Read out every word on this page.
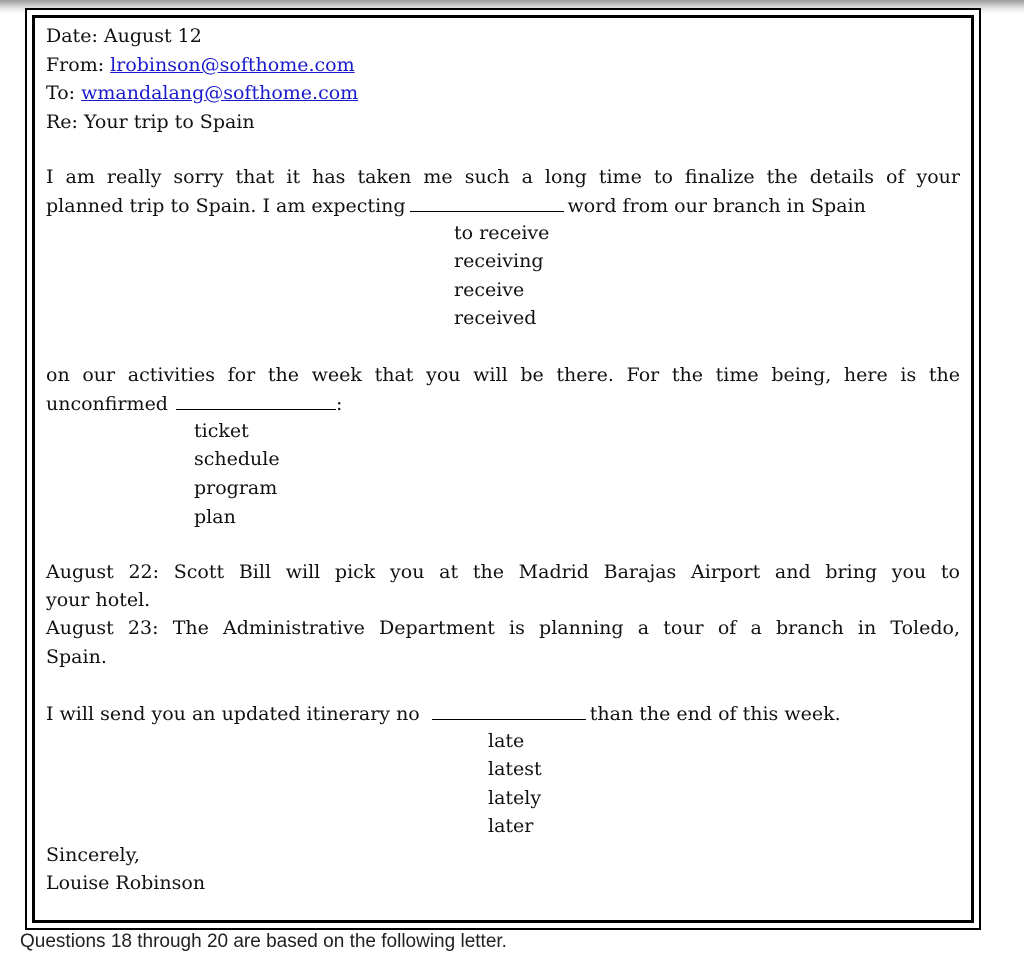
Date: August 12
From: lrobinson@softhome.com
To: wmandalang@softhome.com
Re: Your trip to Spain
I am really sorry that it has taken me such a long time to finalize the details of your
planned trip to Spain. I am expecting	word from our branch in Spain
to receive
receiving
receive
received
on our activities for the week that you will be there. For the time being, here is the
unconfirmed	:
ticket
schedule
program
plan
August 22: Scott Bill will pick you at the Madrid Barajas Airport and bring you to
your hotel.
August 23: The Administrative Department is planning a tour of a branch in Toledo,
Spain.
I will send you an updated itinerary no	than the end of this week.
late
latest
lately
later
Sincerely,
Louise Robinson
Questions 18 through 20 are based on the following letter.
